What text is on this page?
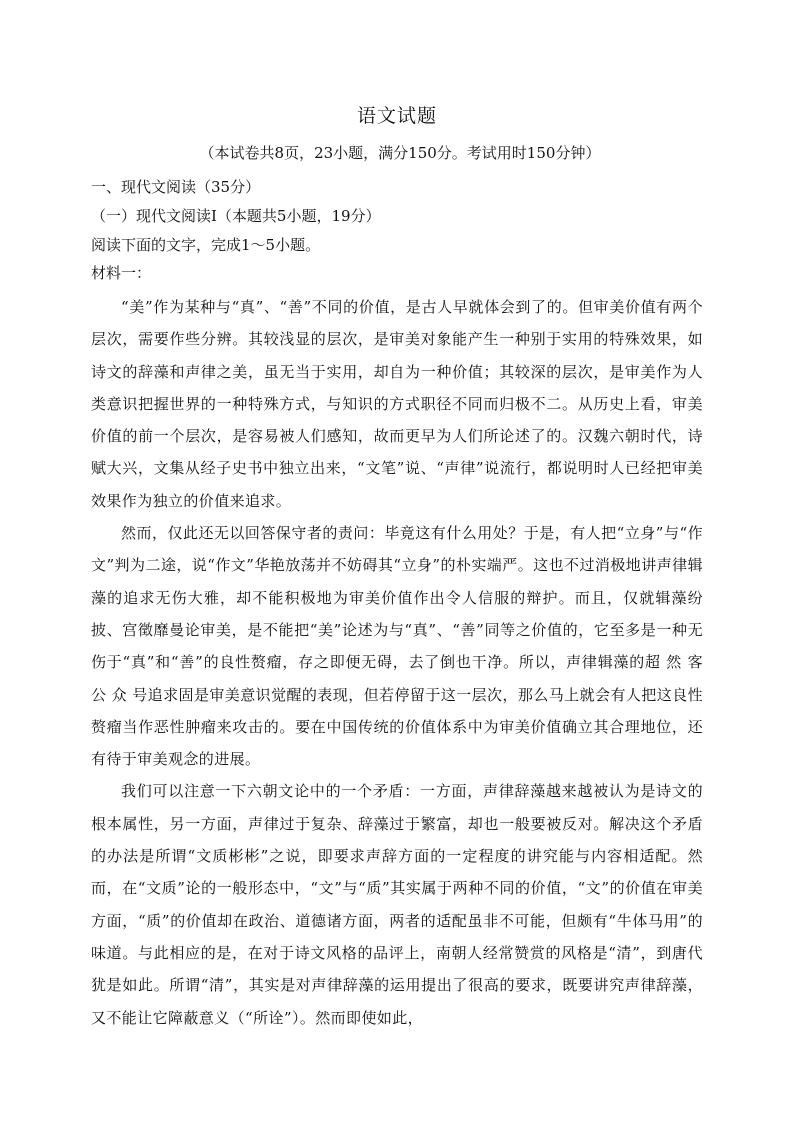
语文试题
（本试卷共8页，23小题，满分150分。考试用时150分钟）
一、现代文阅读（35分）
（一）现代文阅读Ⅰ（本题共5小题，19分）
阅读下面的文字，完成1～5小题。
材料一：

“美”作为某种与“真”、“善”不同的价值，是古人早就体会到了的。但审美价值有两个层次，需要作些分辨。其较浅显的层次，是审美对象能产生一种别于实用的特殊效果，如诗文的辞藻和声律之美，虽无当于实用，却自为一种价值；其较深的层次，是审美作为人类意识把握世界的一种特殊方式，与知识的方式职径不同而归极不二。从历史上看，审美价值的前一个层次，是容易被人们感知，故而更早为人们所论述了的。汉魏六朝时代，诗赋大兴，文集从经子史书中独立出来，“文笔”说、“声律”说流行，都说明时人已经把审美效果作为独立的价值来追求。

然而，仅此还无以回答保守者的责问：毕竟这有什么用处？于是，有人把“立身”与“作文”判为二途，说“作文”华艳放荡并不妨碍其“立身”的朴实端严。这也不过消极地讲声律辑藻的追求无伤大雅，却不能积极地为审美价值作出令人信服的辩护。而且，仅就辑藻纷披、宫徵靡曼论审美，是不能把“美”论述为与“真”、“善”同等之价值的，它至多是一种无伤于“真”和“善”的良性赘瘤，存之即便无碍，去了倒也干净。所以，声律辑藻的超 然 客 公 众 号追求固是审美意识觉醒的表现，但若停留于这一层次，那么马上就会有人把这良性赘瘤当作恶性肿瘤来攻击的。要在中国传统的价值体系中为审美价值确立其合理地位，还有待于审美观念的进展。

我们可以注意一下六朝文论中的一个矛盾：一方面，声律辞藻越来越被认为是诗文的根本属性，另一方面，声律过于复杂、辞藻过于繁富，却也一般要被反对。解决这个矛盾的办法是所谓“文质彬彬”之说，即要求声辞方面的一定程度的讲究能与内容相适配。然而，在“文质”论的一般形态中，“文”与“质”其实属于两种不同的价值，“文”的价值在审美方面，“质”的价值却在政治、道德诸方面，两者的适配虽非不可能，但颇有“牛体马用”的味道。与此相应的是，在对于诗文风格的品评上，南朝人经常赞赏的风格是“清”，到唐代犹是如此。所谓“清”，其实是对声律辞藻的运用提出了很高的要求，既要讲究声律辞藻，又不能让它障蔽意义（“所诠”）。然而即使如此，
